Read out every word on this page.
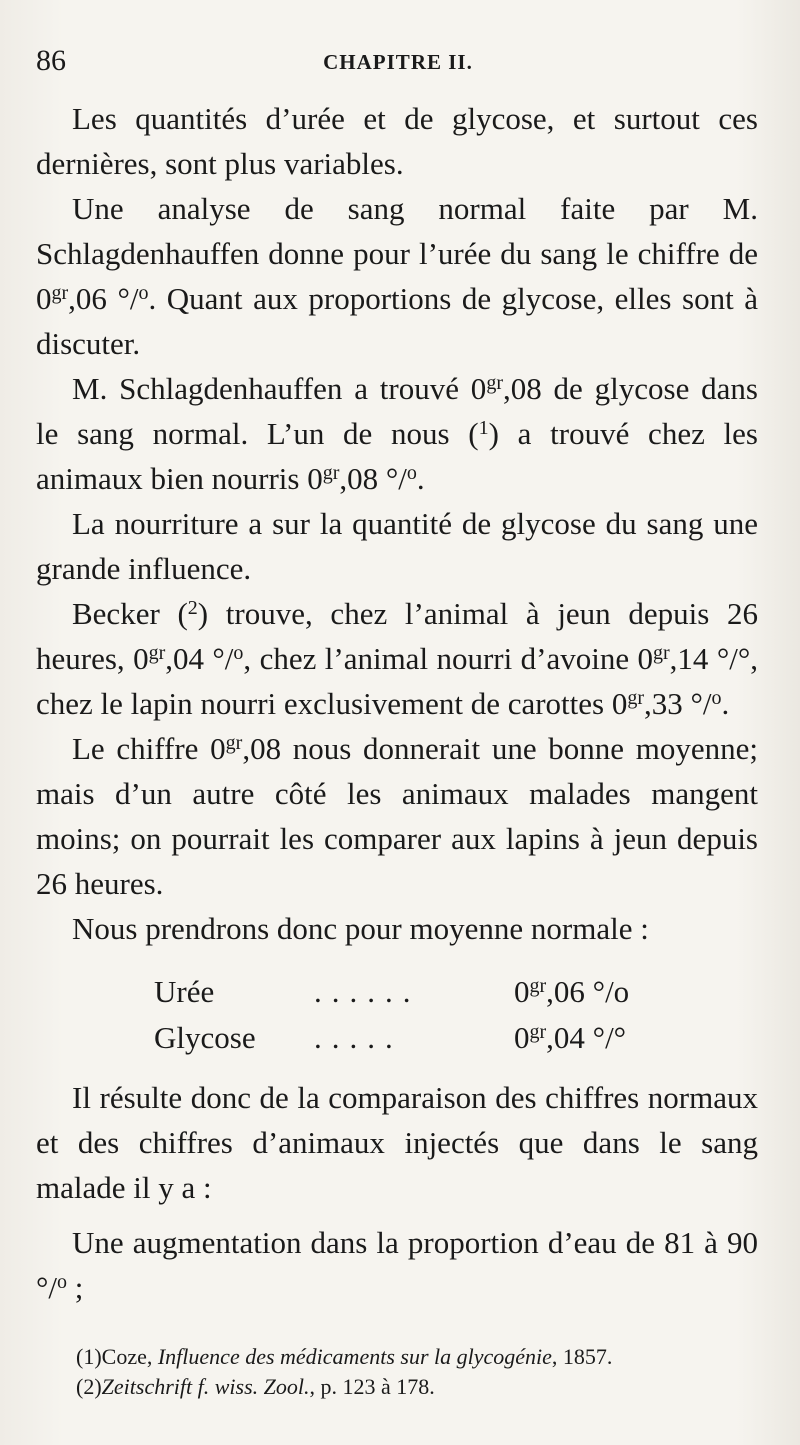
86	CHAPITRE II.

Les quantités d’urée et de glycose, et surtout ces dernières, sont plus variables.

Une analyse de sang normal faite par M. Schlagdenhauffen donne pour l’urée du sang le chiffre de $0^{gr},06$ °/$^o$. Quant aux proportions de glycose, elles sont à discuter.

M. Schlagdenhauffen a trouvé $0^{gr},08$ de glycose dans le sang normal. L’un de nous ($^1$) a trouvé chez les animaux bien nourris $0^{gr},08$ °/$^o$.

La nourriture a sur la quantité de glycose du sang une grande influence.

Becker ($^2$) trouve, chez l’animal à jeun depuis 26 heures, $0^{gr},04$ °/$^o$, chez l’animal nourri d’avoine $0^{gr},14$ °/°, chez le lapin nourri exclusivement de carottes $0^{gr},33$ °/$^o$.

Le chiffre $0^{gr},08$ nous donnerait une bonne moyenne; mais d’un autre côté les animaux malades mangent moins; on pourrait les comparer aux lapins à jeun depuis 26 heures.

Nous prendrons donc pour moyenne normale :

Urée	......	$0^{gr},06$ °/o
Glycose	.....	$0^{gr},04$ °/°

Il résulte donc de la comparaison des chiffres normaux et des chiffres d’animaux injectés que dans le sang malade il y a :

Une augmentation dans la proportion d’eau de 81 à 90 °/$^o$ ;

(1)Coze, Influence des médicaments sur la glycogénie, 1857.
(2)Zeitschrift f. wiss. Zool., p. 123 à 178.
